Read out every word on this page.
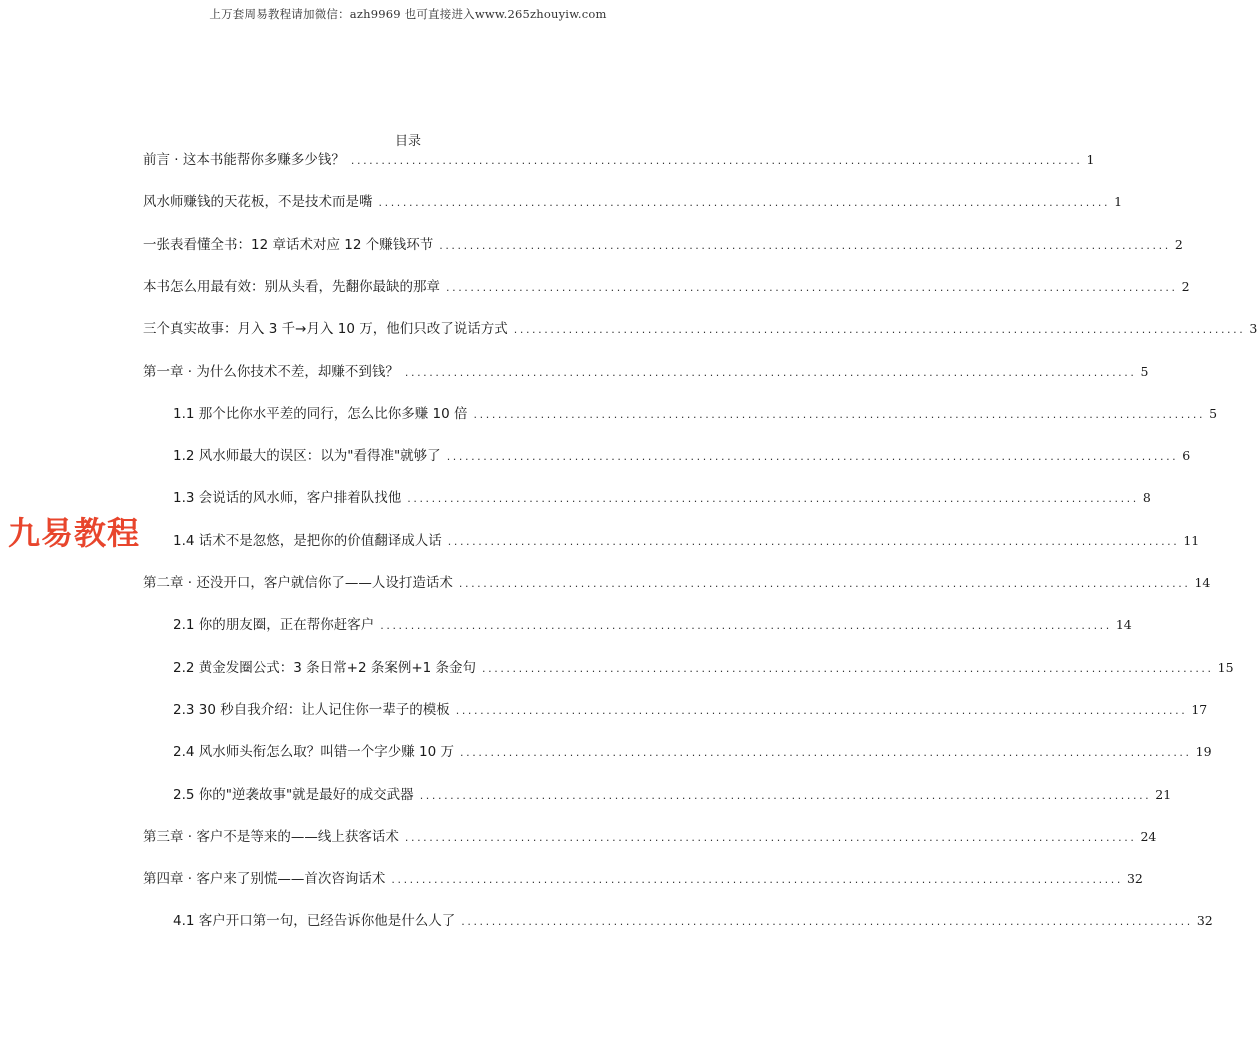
上万套周易教程请加微信：azh9969 也可直接进入www.265zhouyiw.com
目录
前言 · 这本书能帮你多赚多少钱？ ........................................................................................................................ 1
风水师赚钱的天花板，不是技术而是嘴 ........................................................................................................................ 1
一张表看懂全书：12 章话术对应 12 个赚钱环节 ........................................................................................................................ 2
本书怎么用最有效：别从头看，先翻你最缺的那章 ........................................................................................................................ 2
三个真实故事：月入 3 千→月入 10 万，他们只改了说话方式 ........................................................................................................................ 3
第一章 · 为什么你技术不差，却赚不到钱？ ........................................................................................................................ 5
1.1 那个比你水平差的同行，怎么比你多赚 10 倍 ........................................................................................................................ 5
1.2 风水师最大的误区：以为"看得准"就够了 ........................................................................................................................ 6
1.3 会说话的风水师，客户排着队找他 ........................................................................................................................ 8
1.4 话术不是忽悠，是把你的价值翻译成人话 ........................................................................................................................ 11
第二章 · 还没开口，客户就信你了——人设打造话术 ........................................................................................................................ 14
2.1 你的朋友圈，正在帮你赶客户 ........................................................................................................................ 14
2.2 黄金发圈公式：3 条日常+2 条案例+1 条金句 ........................................................................................................................ 15
2.3 30 秒自我介绍：让人记住你一辈子的模板 ........................................................................................................................ 17
2.4 风水师头衔怎么取？叫错一个字少赚 10 万 ........................................................................................................................ 19
2.5 你的"逆袭故事"就是最好的成交武器 ........................................................................................................................ 21
第三章 · 客户不是等来的——线上获客话术 ........................................................................................................................ 24
第四章 · 客户来了别慌——首次咨询话术 ........................................................................................................................ 32
4.1 客户开口第一句，已经告诉你他是什么人了 ........................................................................................................................ 32
九易教程
